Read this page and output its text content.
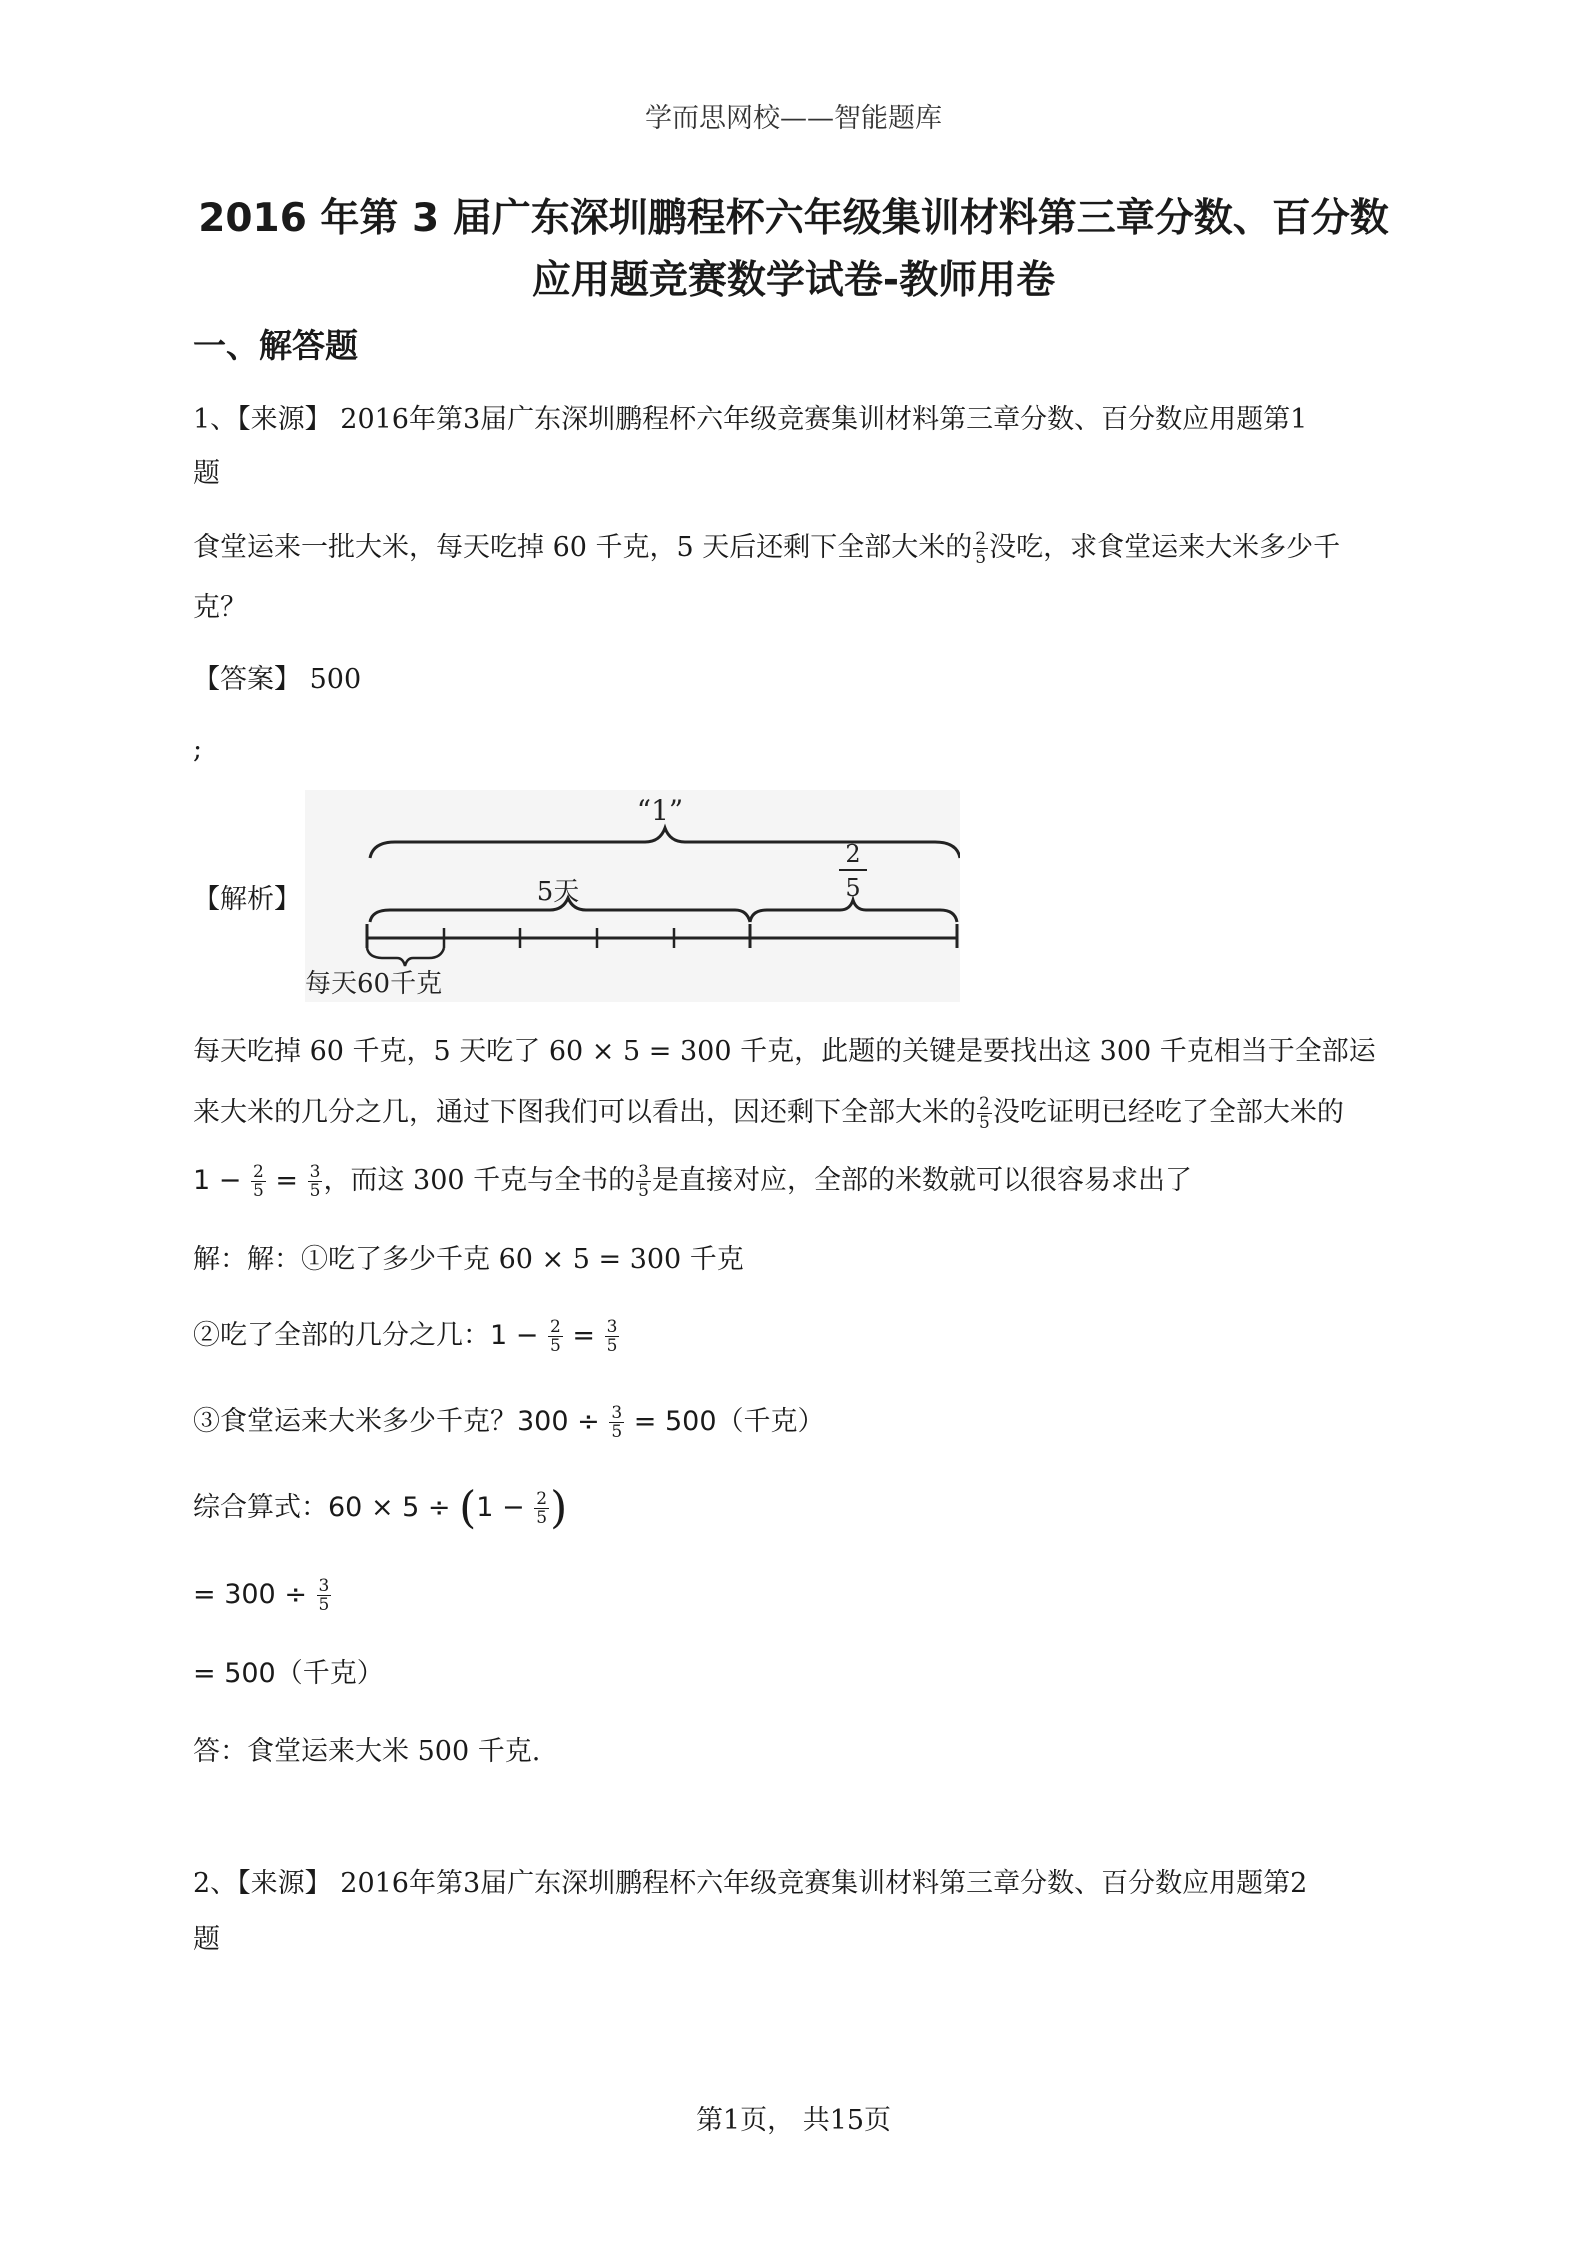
学而思网校——智能题库
2016 年第 3 届广东深圳鹏程杯六年级集训材料第三章分数、百分数
应用题竞赛数学试卷-教师用卷
一、解答题
1、【来源】 2016年第3届广东深圳鹏程杯六年级竞赛集训材料第三章分数、百分数应用题第1
题
食堂运来一批大米，每天吃掉 60 千克，5 天后还剩下全部大米的 $\frac{2}{5}$ 没吃，求食堂运来大米多少千
克？
【答案】 500
;
【解析】
“1”
5天
2
5
每天60千克
每天吃掉 60 千克，5 天吃了 60 × 5 = 300 千克，此题的关键是要找出这 300 千克相当于全部运
来大米的几分之几，通过下图我们可以看出，因还剩下全部大米的 $\frac{2}{5}$ 没吃证明已经吃了全部大米的
$1 - \frac{2}{5} = \frac{3}{5}$ ，而这 300 千克与全书的 $\frac{3}{5}$ 是直接对应，全部的米数就可以很容易求出了
解：解：①吃了多少千克 60 × 5 = 300 千克
②吃了全部的几分之几：$1 - \frac{2}{5} = \frac{3}{5}$
③食堂运来大米多少千克？$300 \div \frac{3}{5} = 500$（千克）
综合算式：$60 \times 5 \div (1 - \frac{2}{5}$ )
= $300 \div \frac{3}{5}$
= 500（千克）
答：食堂运来大米 500 千克.
2、【来源】 2016年第3届广东深圳鹏程杯六年级竞赛集训材料第三章分数、百分数应用题第2
题
第1页， 共15页
